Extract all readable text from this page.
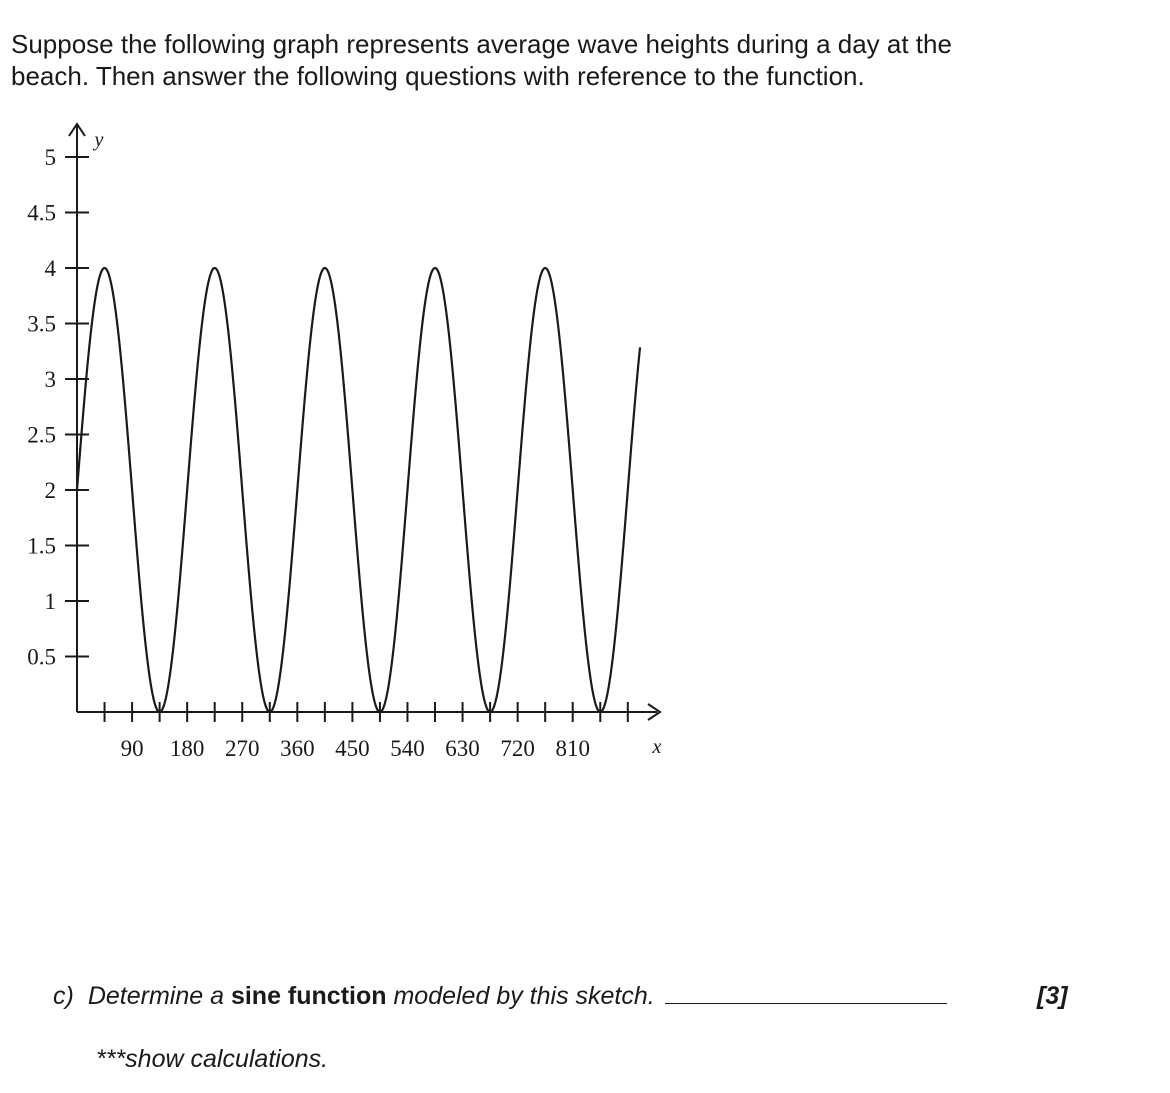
Suppose the following graph represents average wave heights during a day at the
beach. Then answer the following questions with reference to the function.

0.5
1
1.5
2
2.5
3
3.5
4
4.5
5
90 180 270 360 450 540 630 720 810	x
y

c) Determine a sine function modeled by this sketch.	[3]

***show calculations.
